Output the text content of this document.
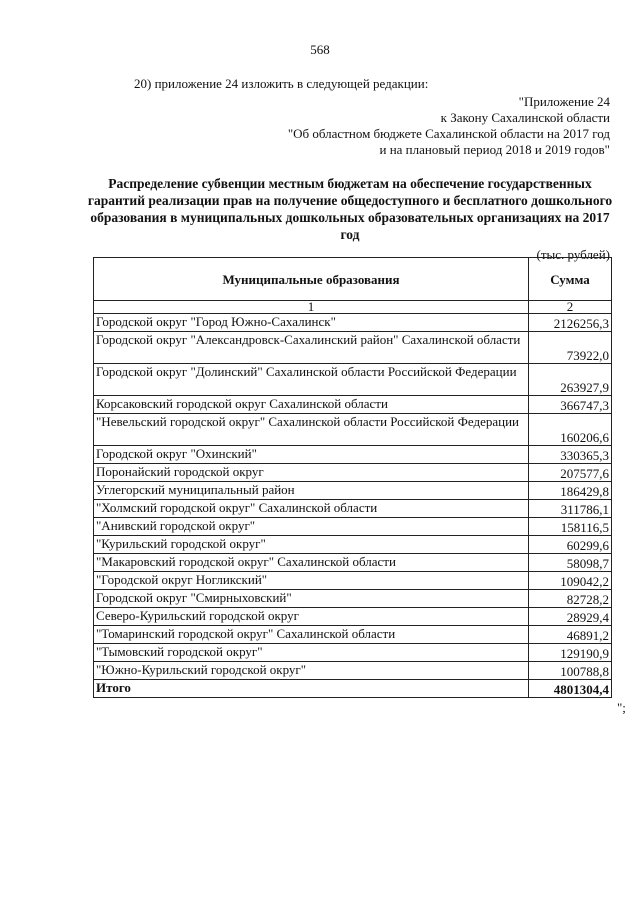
568
20) приложение 24 изложить в следующей редакции:
"Приложение 24
к Закону Сахалинской области
"Об областном бюджете Сахалинской области на 2017 год
и на плановый период 2018 и 2019 годов"
Распределение субвенции местным бюджетам на обеспечение государственных гарантий реализации прав на получение общедоступного и бесплатного дошкольного образования в муниципальных дошкольных образовательных организациях на 2017 год
(тыс. рублей)
Муниципальные образования	Сумма
1	2
Городской округ "Город Южно-Сахалинск"	2126256,3
Городской округ "Александровск-Сахалинский район" Сахалинской области	73922,0
Городской округ "Долинский" Сахалинской области Российской Федерации	263927,9
Корсаковский городской округ Сахалинской области	366747,3
"Невельский городской округ" Сахалинской области Российской Федерации	160206,6
Городской округ "Охинский"	330365,3
Поронайский городской округ	207577,6
Углегорский муниципальный район	186429,8
"Холмский городской округ" Сахалинской области	311786,1
"Анивский городской округ"	158116,5
"Курильский городской округ"	60299,6
"Макаровский городской округ" Сахалинской области	58098,7
"Городской округ Ногликский"	109042,2
Городской округ "Смирныховский"	82728,2
Северо-Курильский городской округ	28929,4
"Томаринский городской округ" Сахалинской области	46891,2
"Тымовский городской округ"	129190,9
"Южно-Курильский городской округ"	100788,8
Итого	4801304,4
";
